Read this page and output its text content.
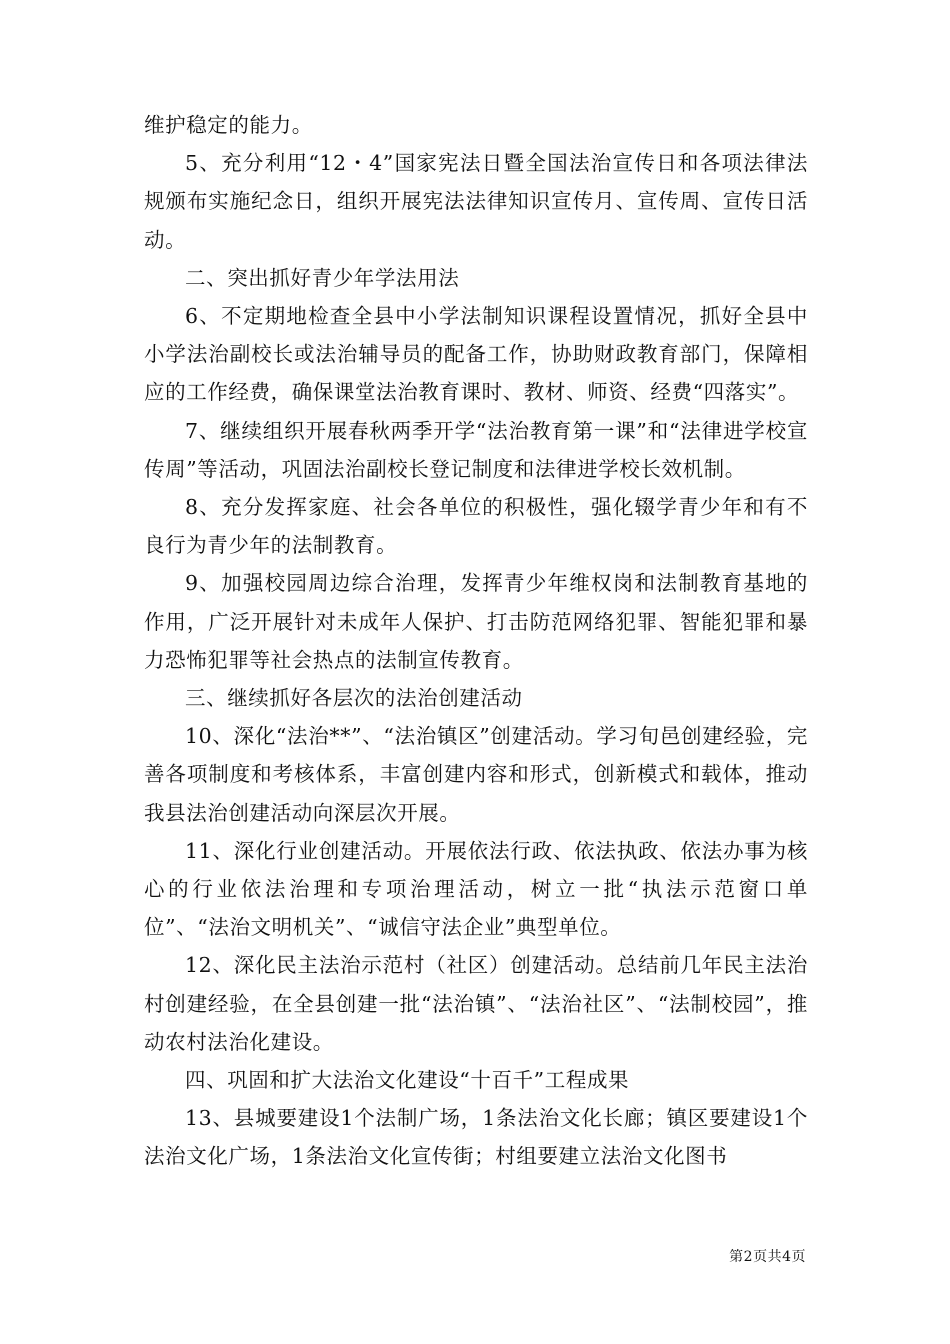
维护稳定的能力。

5、充分利用“12・4”国家宪法日暨全国法治宣传日和各项法律法规颁布实施纪念日，组织开展宪法法律知识宣传月、宣传周、宣传日活动。

二、突出抓好青少年学法用法

6、不定期地检查全县中小学法制知识课程设置情况，抓好全县中小学法治副校长或法治辅导员的配备工作，协助财政教育部门，保障相应的工作经费，确保课堂法治教育课时、教材、师资、经费“四落实”。

7、继续组织开展春秋两季开学“法治教育第一课”和“法律进学校宣传周”等活动，巩固法治副校长登记制度和法律进学校长效机制。

8、充分发挥家庭、社会各单位的积极性，强化辍学青少年和有不良行为青少年的法制教育。

9、加强校园周边综合治理，发挥青少年维权岗和法制教育基地的作用，广泛开展针对未成年人保护、打击防范网络犯罪、智能犯罪和暴力恐怖犯罪等社会热点的法制宣传教育。

三、继续抓好各层次的法治创建活动

10、深化“法治**”、“法治镇区”创建活动。学习旬邑创建经验，完善各项制度和考核体系，丰富创建内容和形式，创新模式和载体，推动我县法治创建活动向深层次开展。

11、深化行业创建活动。开展依法行政、依法执政、依法办事为核心的行业依法治理和专项治理活动，树立一批“执法示范窗口单位”、“法治文明机关”、“诚信守法企业”典型单位。

12、深化民主法治示范村（社区）创建活动。总结前几年民主法治村创建经验，在全县创建一批“法治镇”、“法治社区”、“法制校园”，推动农村法治化建设。

四、巩固和扩大法治文化建设“十百千”工程成果

13、县城要建设1个法制广场，1条法治文化长廊；镇区要建设1个法治文化广场，1条法治文化宣传街；村组要建立法治文化图书

第2页共4页
